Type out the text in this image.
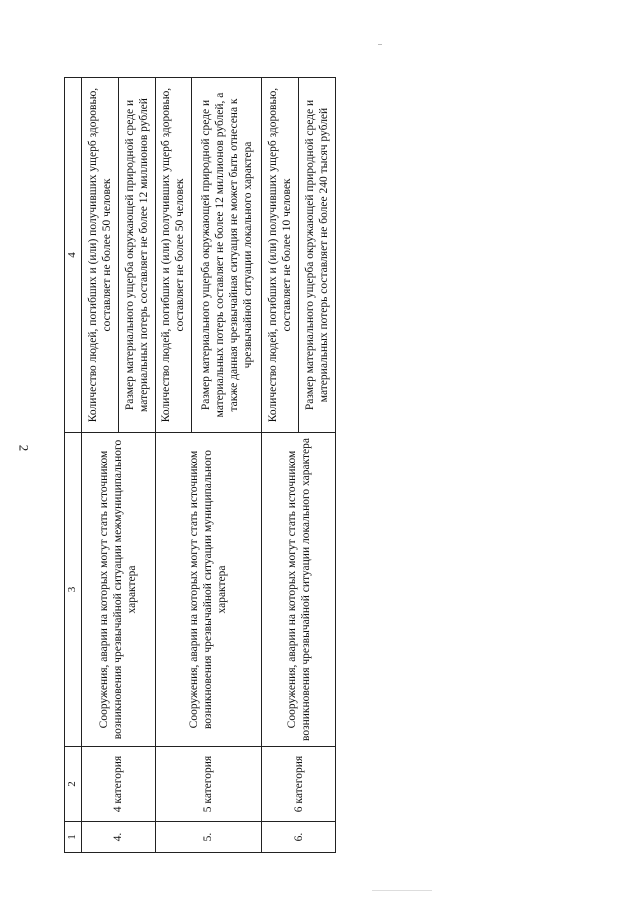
2
1	2	3	4
4.	4 категория	Сооружения, аварии на которых могут стать источником возникновения чрезвычайной ситуации межмуниципального характера	Количество людей, погибших и (или) получивших ущерб здоровью, составляет не более 50 человек
			Размер материального ущерба окружающей природной среде и материальных потерь составляет не более 12 миллионов рублей
5.	5 категория	Сооружения, аварии на которых могут стать источником возникновения чрезвычайной ситуации муниципального характера	Количество людей, погибших и (или) получивших ущерб здоровью, составляет не более 50 человек
			Размер материального ущерба окружающей природной среде и материальных потерь составляет не более 12 миллионов рублей, а также данная чрезвычайная ситуация не может быть отнесена к чрезвычайной ситуации локального характера
6.	6 категория	Сооружения, аварии на которых могут стать источником возникновения чрезвычайной ситуации локального характера	Количество людей, погибших и (или) получивших ущерб здоровью, составляет не более 10 человек
			Размер материального ущерба окружающей природной среде и материальных потерь составляет не более 240 тысяч рублей
